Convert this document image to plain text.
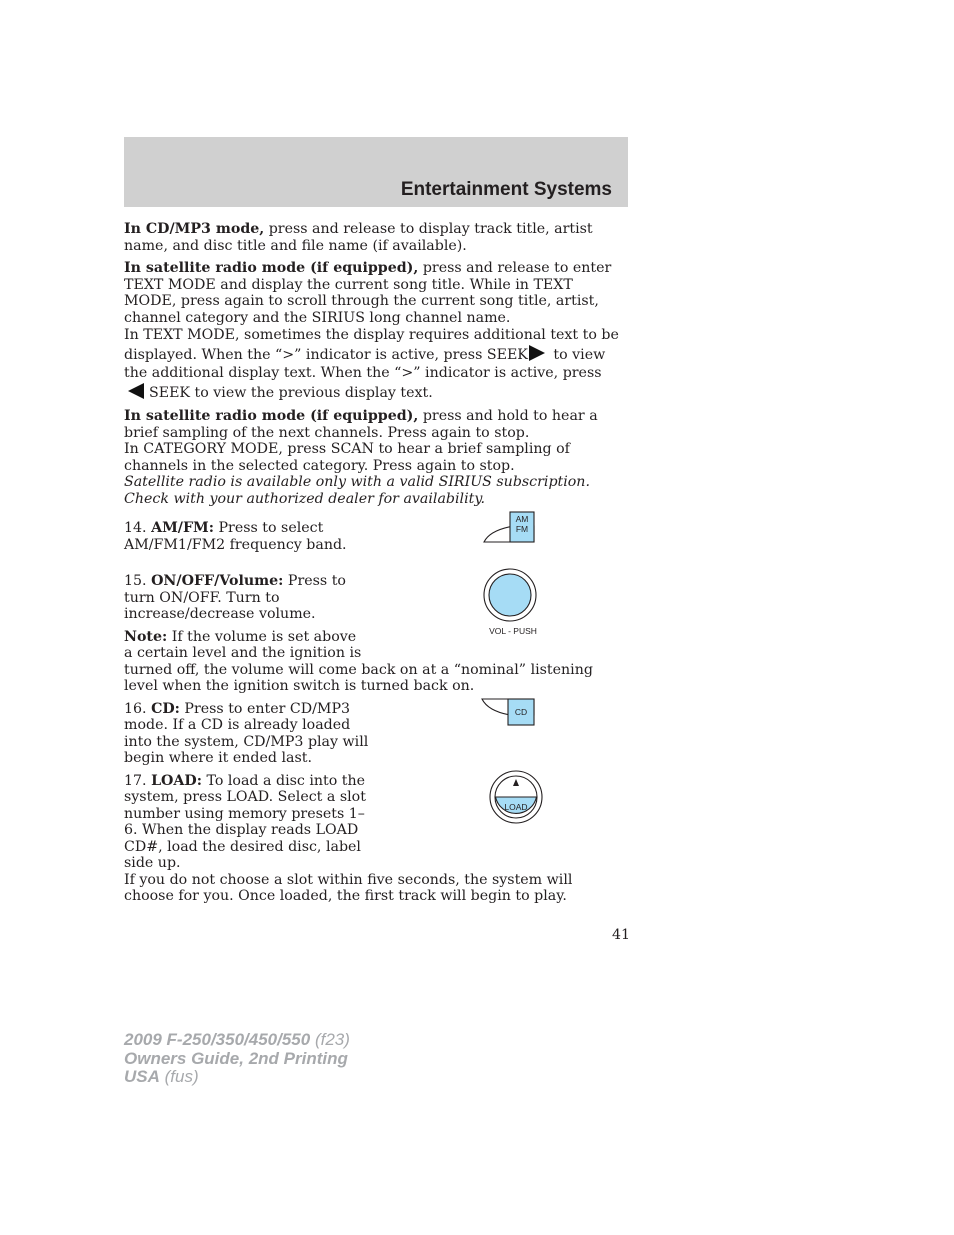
Entertainment Systems

In CD/MP3 mode, press and release to display track title, artist name, and disc title and file name (if available).

In satellite radio mode (if equipped), press and release to enter TEXT MODE and display the current song title. While in TEXT MODE, press again to scroll through the current song title, artist, channel category and the SIRIUS long channel name.

In TEXT MODE, sometimes the display requires additional text to be displayed. When the “>” indicator is active, press SEEK to view the additional display text. When the “>” indicator is active, pressSEEK to view the previous display text.

In satellite radio mode (if equipped), press and hold to hear a brief sampling of the next channels. Press again to stop.

In CATEGORY MODE, press SCAN to hear a brief sampling of channels in the selected category. Press again to stop.

Satellite radio is available only with a valid SIRIUS subscription. Check with your authorized dealer for availability.

14. AM/FM: Press to select AM/FM1/FM2 frequency band.

AM
FM

15. ON/OFF/Volume: Press to turn ON/OFF. Turn to increase/decrease volume.

Note: If the volume is set above a certain level and the ignition is

turned off, the volume will come back on at a “nominal” listening level when the ignition switch is turned back on.

VOL - PUSH

16. CD: Press to enter CD/MP3 mode. If a CD is already loaded into the system, CD/MP3 play will begin where it ended last.

CD

17. LOAD: To load a disc into the system, press LOAD. Select a slot number using memory presets 1–6. When the display reads LOAD CD#, load the desired disc, label side up.

If you do not choose a slot within five seconds, the system will choose for you. Once loaded, the first track will begin to play.

LOAD
41
2009 F-250/350/450/550 (f23)
Owners Guide, 2nd Printing
USA (fus)
